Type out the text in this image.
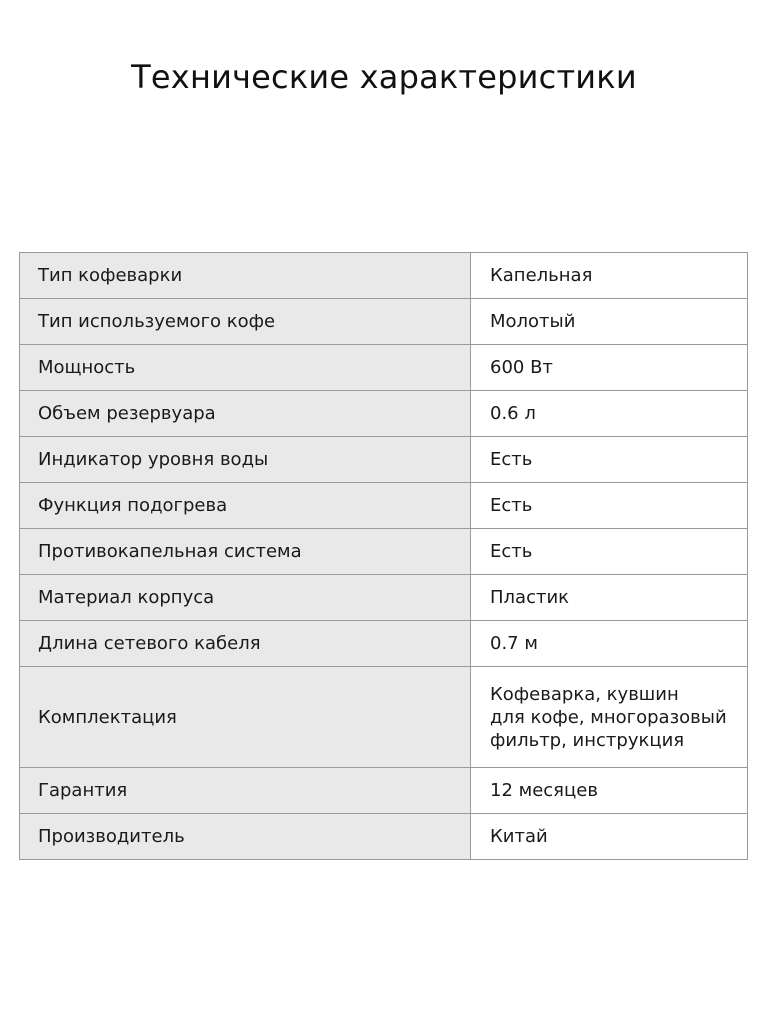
Технические характеристики
Тип кофеварки	Капельная
Тип используемого кофе	Молотый
Мощность	600 Вт
Объем резервуара	0.6 л
Индикатор уровня воды	Есть
Функция подогрева	Есть
Противокапельная система	Есть
Материал корпуса	Пластик
Длина сетевого кабеля	0.7 м
Комплектация	Кофеварка, кувшин
для кофе, многоразовый
фильтр, инструкция

Гарантия	12 месяцев
Производитель	Китай
